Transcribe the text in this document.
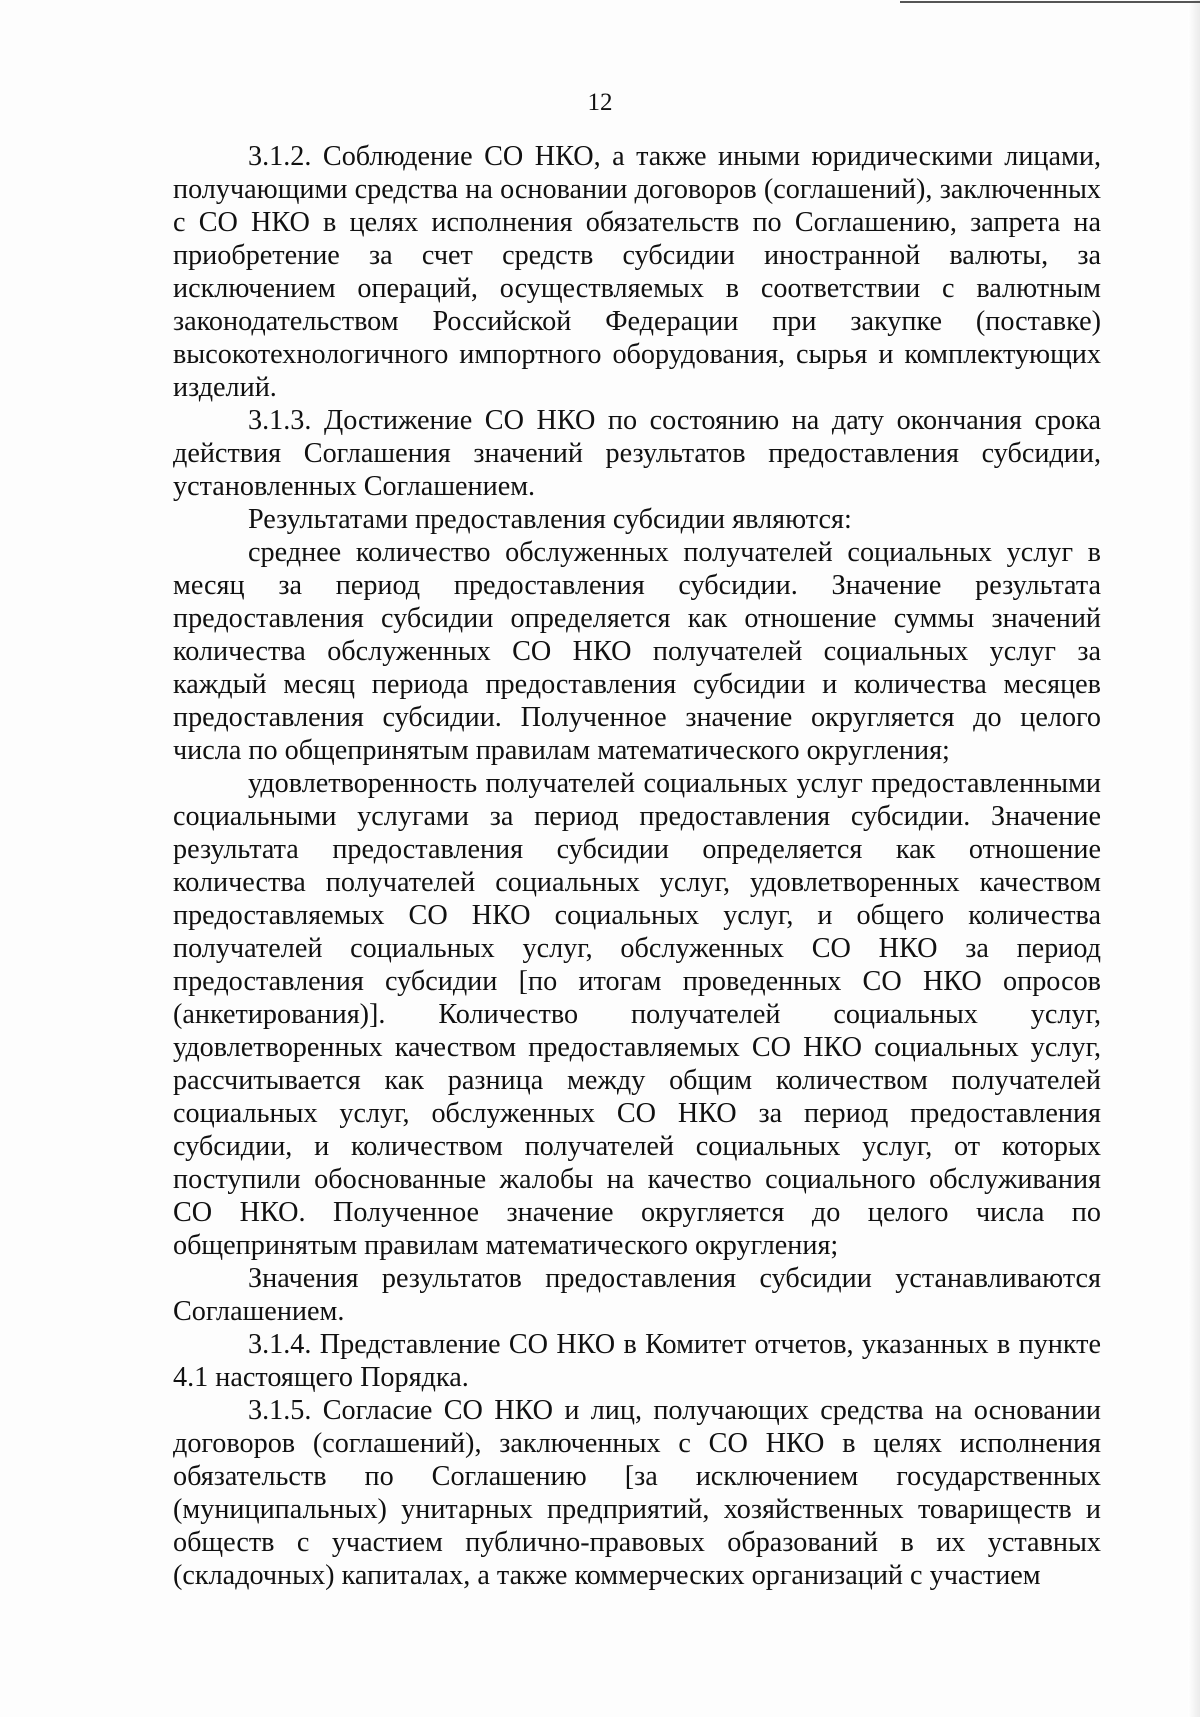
12

3.1.2. Соблюдение СО НКО, а также иными юридическими лицами, получающими средства на основании договоров (соглашений), заключенных с СО НКО в целях исполнения обязательств по Соглашению, запрета на приобретение за счет средств субсидии иностранной валюты, за исключением операций, осуществляемых в соответствии с валютным законодательством Российской Федерации при закупке (поставке) высокотехнологичного импортного оборудования, сырья и комплектующих изделий.

3.1.3. Достижение СО НКО по состоянию на дату окончания срока действия Соглашения значений результатов предоставления субсидии, установленных Соглашением.

Результатами предоставления субсидии являются:

среднее количество обслуженных получателей социальных услуг в месяц за период предоставления субсидии. Значение результата предоставления субсидии определяется как отношение суммы значений количества обслуженных СО НКО получателей социальных услуг за каждый месяц периода предоставления субсидии и количества месяцев предоставления субсидии. Полученное значение округляется до целого числа по общепринятым правилам математического округления;

удовлетворенность получателей социальных услуг предоставленными социальными услугами за период предоставления субсидии. Значение результата предоставления субсидии определяется как отношение количества получателей социальных услуг, удовлетворенных качеством предоставляемых СО НКО социальных услуг, и общего количества получателей социальных услуг, обслуженных СО НКО за период предоставления субсидии [по итогам проведенных СО НКО опросов (анкетирования)]. Количество получателей социальных услуг, удовлетворенных качеством предоставляемых СО НКО социальных услуг, рассчитывается как разница между общим количеством получателей социальных услуг, обслуженных СО НКО за период предоставления субсидии, и количеством получателей социальных услуг, от которых поступили обоснованные жалобы на качество социального обслуживания СО НКО. Полученное значение округляется до целого числа по общепринятым правилам математического округления;

Значения результатов предоставления субсидии устанавливаются Соглашением.

3.1.4. Представление СО НКО в Комитет отчетов, указанных в пункте 4.1 настоящего Порядка.

3.1.5. Согласие СО НКО и лиц, получающих средства на основании договоров (соглашений), заключенных с СО НКО в целях исполнения обязательств по Соглашению [за исключением государственных (муниципальных) унитарных предприятий, хозяйственных товариществ и обществ с участием публично-правовых образований в их уставных (складочных) капиталах, а также коммерческих организаций с участием
